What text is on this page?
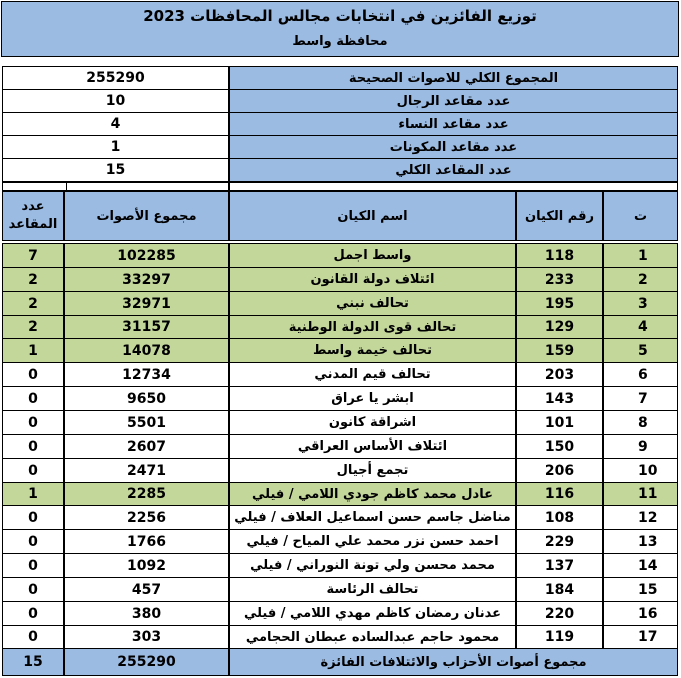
توزيع الفائزين في انتخابات مجالس المحافظات 2023
محافظة واسط
255290	المجموع الكلي للاصوات الصحيحة
10	عدد مقاعد الرجال
4	عدد مقاعد النساء
1	عدد مقاعد المكونات
15	عدد المقاعد الكلي
عدد
المقاعد
مجموع الأصوات	اسم الكيان	رقم الكيان	ت
7	102285	واسط اجمل	118	1
2	33297	ائتلاف دولة القانون	233	2
2	32971	تحالف نبني	195	3
2	31157	تحالف قوى الدولة الوطنية	129	4
1	14078	تحالف خيمة واسط	159	5
0	12734	تحالف قيم المدني	203	6
0	9650	ابشر يا عراق	143	7
0	5501	اشراقة كانون	101	8
0	2607	ائتلاف الأساس العراقي	150	9
0	2471	تجمع أجيال	206	10
1	2285	عادل محمد كاظم جودي اللامي / فيلي	116	11
0	2256	مناضل جاسم حسن اسماعيل العلاف / فيلي	108	12
0	1766	احمد حسن نزر محمد علي المياح / فيلي	229	13
0	1092	محمد محسن ولي تونة النوراني / فيلي	137	14
0	457	تحالف الرئاسة	184	15
0	380	عدنان رمضان كاظم مهدي اللامي / فيلي	220	16
0	303	محمود حاجم عبدالساده عبطان الحجامي	119	17
15	255290	مجموع أصوات الأحزاب والائتلافات الفائزة
